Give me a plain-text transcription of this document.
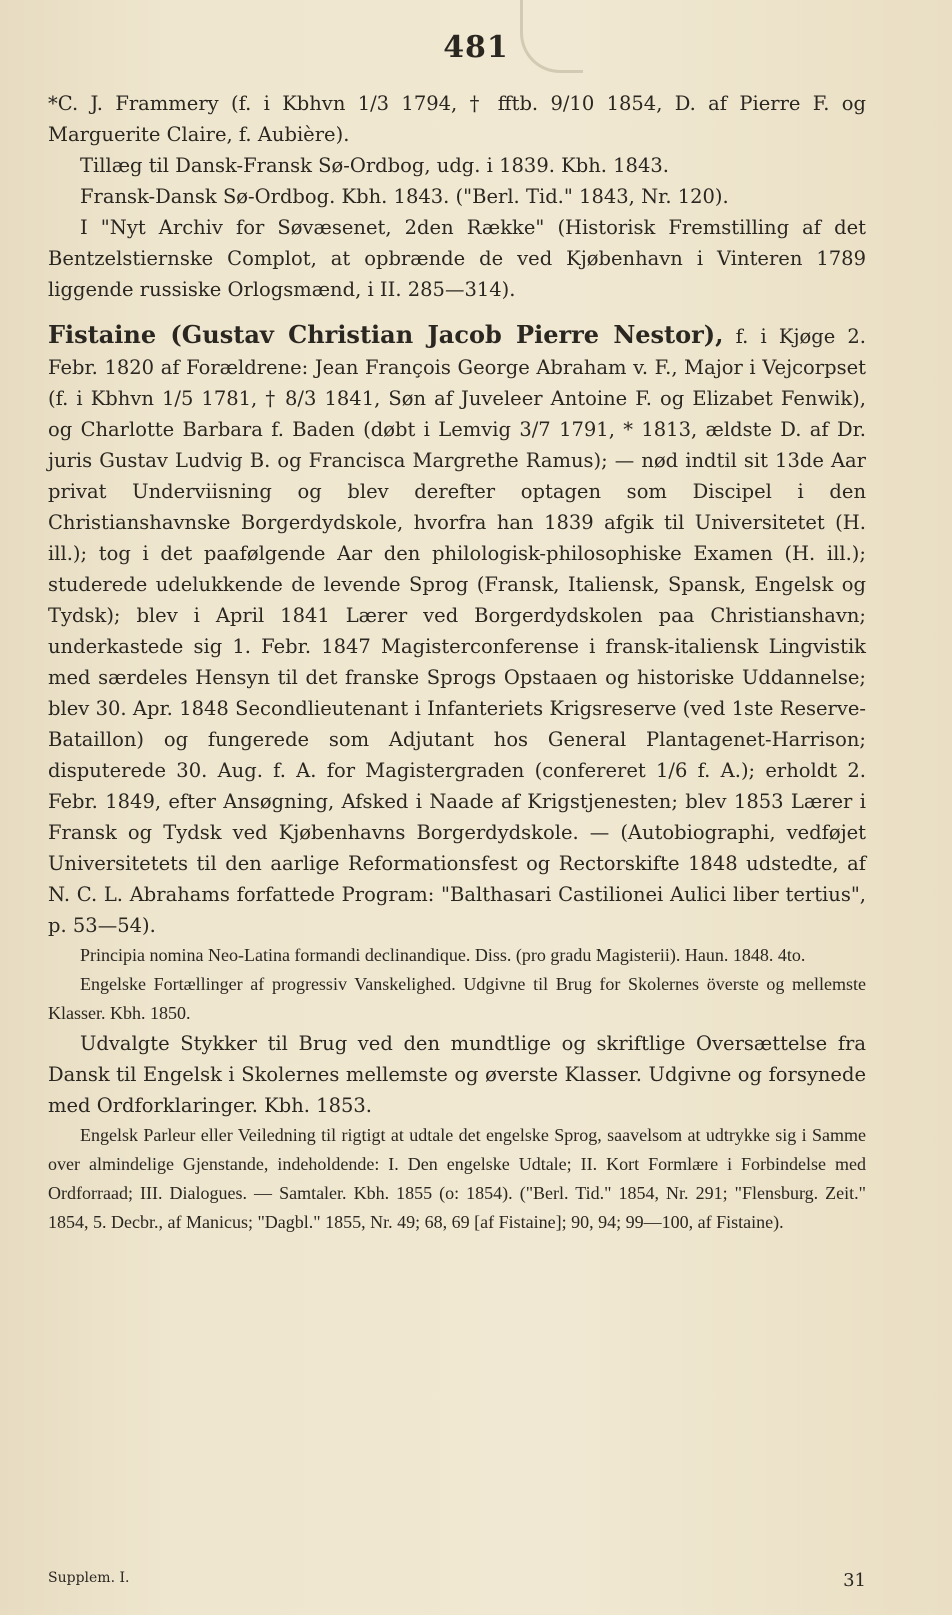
481

*C. J. Frammery (f. i Kbhvn 1/3 1794, † fftb. 9/10 1854, D. af Pierre F. og Marguerite Claire, f. Aubière).

Tillæg til Dansk-Fransk Sø-Ordbog, udg. i 1839. Kbh. 1843.

Fransk-Dansk Sø-Ordbog. Kbh. 1843. ("Berl. Tid." 1843, Nr. 120).

I "Nyt Archiv for Søvæsenet, 2den Række" (Historisk Fremstilling af det Bentzelstiernske Complot, at opbrænde de ved Kjøbenhavn i Vinteren 1789 liggende russiske Orlogsmænd, i II. 285—314).

Fistaine (Gustav Christian Jacob Pierre Nestor), f. i Kjøge 2. Febr. 1820 af Forældrene: Jean François George Abraham v. F., Major i Vejcorpset (f. i Kbhvn 1/5 1781, † 8/3 1841, Søn af Juveleer Antoine F. og Elizabet Fenwik), og Charlotte Barbara f. Baden (døbt i Lemvig 3/7 1791, * 1813, ældste D. af Dr. juris Gustav Ludvig B. og Francisca Margrethe Ramus); — nød indtil sit 13de Aar privat Underviisning og blev derefter optagen som Discipel i den Christianshavnske Borgerdydskole, hvorfra han 1839 afgik til Universitetet (H. ill.); tog i det paafølgende Aar den philologisk-philosophiske Examen (H. ill.); studerede udelukkende de levende Sprog (Fransk, Italiensk, Spansk, Engelsk og Tydsk); blev i April 1841 Lærer ved Borgerdydskolen paa Christianshavn; underkastede sig 1. Febr. 1847 Magisterconferense i fransk-italiensk Lingvistik med særdeles Hensyn til det franske Sprogs Opstaaen og historiske Uddannelse; blev 30. Apr. 1848 Secondlieutenant i Infanteriets Krigsreserve (ved 1ste Reserve-Bataillon) og fungerede som Adjutant hos General Plantagenet-Harrison; disputerede 30. Aug. f. A. for Magistergraden (confereret 1/6 f. A.); erholdt 2. Febr. 1849, efter Ansøgning, Afsked i Naade af Krigstjenesten; blev 1853 Lærer i Fransk og Tydsk ved Kjøbenhavns Borgerdydskole. — (Autobiographi, vedføjet Universitetets til den aarlige Reformationsfest og Rectorskifte 1848 udstedte, af N. C. L. Abrahams forfattede Program: "Balthasari Castilionei Aulici liber tertius", p. 53—54).

Principia nomina Neo-Latina formandi declinandique. Diss. (pro gradu Magisterii). Haun. 1848. 4to.

Engelske Fortællinger af progressiv Vanskelighed. Udgivne til Brug for Skolernes överste og mellemste Klasser. Kbh. 1850.

Udvalgte Stykker til Brug ved den mundtlige og skriftlige Oversættelse fra Dansk til Engelsk i Skolernes mellemste og øverste Klasser. Udgivne og forsynede med Ordforklaringer. Kbh. 1853.

Engelsk Parleur eller Veiledning til rigtigt at udtale det engelske Sprog, saavelsom at udtrykke sig i Samme over almindelige Gjenstande, indeholdende: I. Den engelske Udtale; II. Kort Formlære i Forbindelse med Ordforraad; III. Dialogues. — Samtaler. Kbh. 1855 (o: 1854). ("Berl. Tid." 1854, Nr. 291; "Flensburg. Zeit." 1854, 5. Decbr., af Manicus; "Dagbl." 1855, Nr. 49; 68, 69 [af Fistaine]; 90, 94; 99—100, af Fistaine).

Supplem. I.	31
